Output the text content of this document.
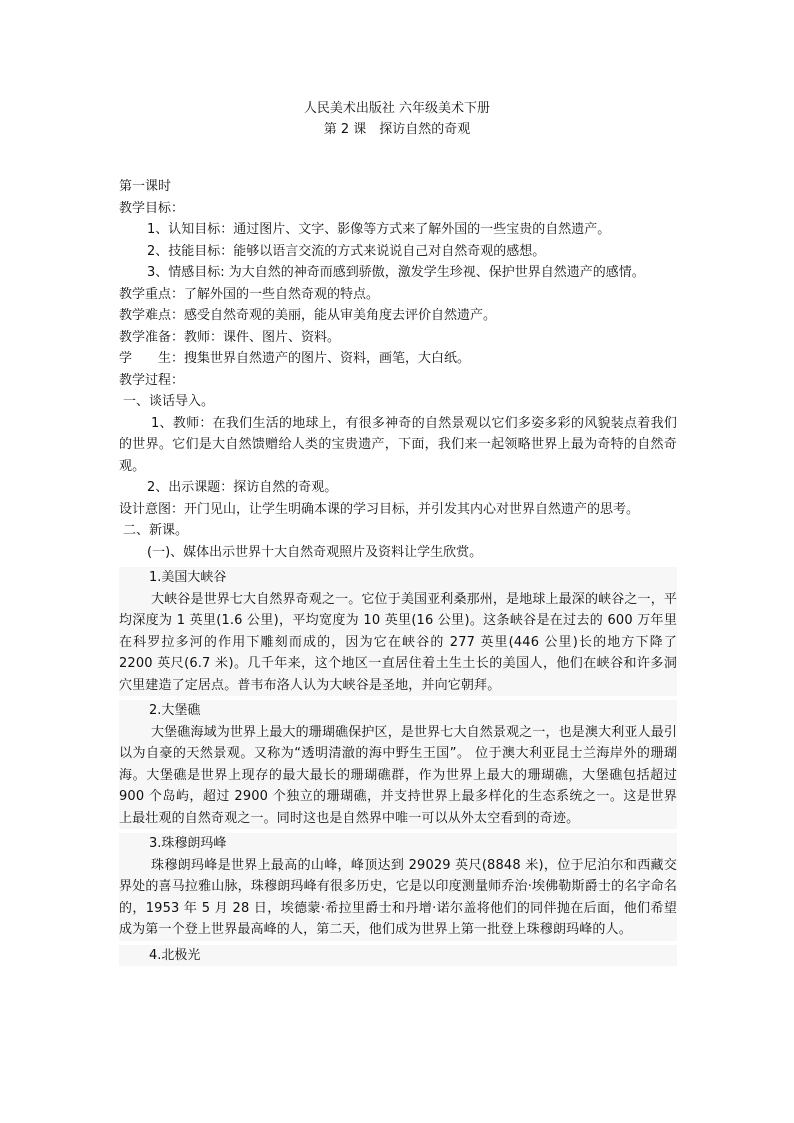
人民美术出版社 六年级美术下册
第 2 课　探访自然的奇观

第一课时

教学目标：

1、认知目标：通过图片、文字、影像等方式来了解外国的一些宝贵的自然遗产。

2、技能目标：能够以语言交流的方式来说说自己对自然奇观的感想。

3、情感目标: 为大自然的神奇而感到骄傲，激发学生珍视、保护世界自然遗产的感情。

教学重点：了解外国的一些自然奇观的特点。

教学难点：感受自然奇观的美丽，能从审美角度去评价自然遗产。

教学准备：教师：课件、图片、资料。

学　　生：搜集世界自然遗产的图片、资料，画笔，大白纸。

教学过程：

一、谈话导入。

1、教师：在我们生活的地球上，有很多神奇的自然景观以它们多姿多彩的风貌装点着我们的世界。它们是大自然馈赠给人类的宝贵遗产，下面，我们来一起领略世界上最为奇特的自然奇观。

2、出示课题：探访自然的奇观。

设计意图：开门见山，让学生明确本课的学习目标，并引发其内心对世界自然遗产的思考。

二、新课。

(一)、媒体出示世界十大自然奇观照片及资料让学生欣赏。

1.美国大峡谷

大峡谷是世界七大自然界奇观之一。它位于美国亚利桑那州，是地球上最深的峡谷之一，平均深度为 1 英里(1.6 公里)，平均宽度为 10 英里(16 公里)。这条峡谷是在过去的 600 万年里在科罗拉多河的作用下雕刻而成的，因为它在峡谷的 277 英里(446 公里)长的地方下降了 2200 英尺(6.7 米)。几千年来，这个地区一直居住着土生土长的美国人，他们在峡谷和许多洞穴里建造了定居点。普韦布洛人认为大峡谷是圣地，并向它朝拜。

2.大堡礁

大堡礁海域为世界上最大的珊瑚礁保护区，是世界七大自然景观之一，也是澳大利亚人最引以为自豪的天然景观。又称为“透明清澈的海中野生王国”。 位于澳大利亚昆士兰海岸外的珊瑚海。大堡礁是世界上现存的最大最长的珊瑚礁群，作为世界上最大的珊瑚礁，大堡礁包括超过 900 个岛屿，超过 2900 个独立的珊瑚礁，并支持世界上最多样化的生态系统之一。这是世界上最壮观的自然奇观之一。同时这也是自然界中唯一可以从外太空看到的奇迹。

3.珠穆朗玛峰

珠穆朗玛峰是世界上最高的山峰，峰顶达到 29029 英尺(8848 米)，位于尼泊尔和西藏交界处的喜马拉雅山脉，珠穆朗玛峰有很多历史，它是以印度测量师乔治·埃佛勒斯爵士的名字命名的，1953 年 5 月 28 日，埃德蒙·希拉里爵士和丹增·诺尔盖将他们的同伴抛在后面，他们希望成为第一个登上世界最高峰的人，第二天，他们成为世界上第一批登上珠穆朗玛峰的人。

4.北极光
